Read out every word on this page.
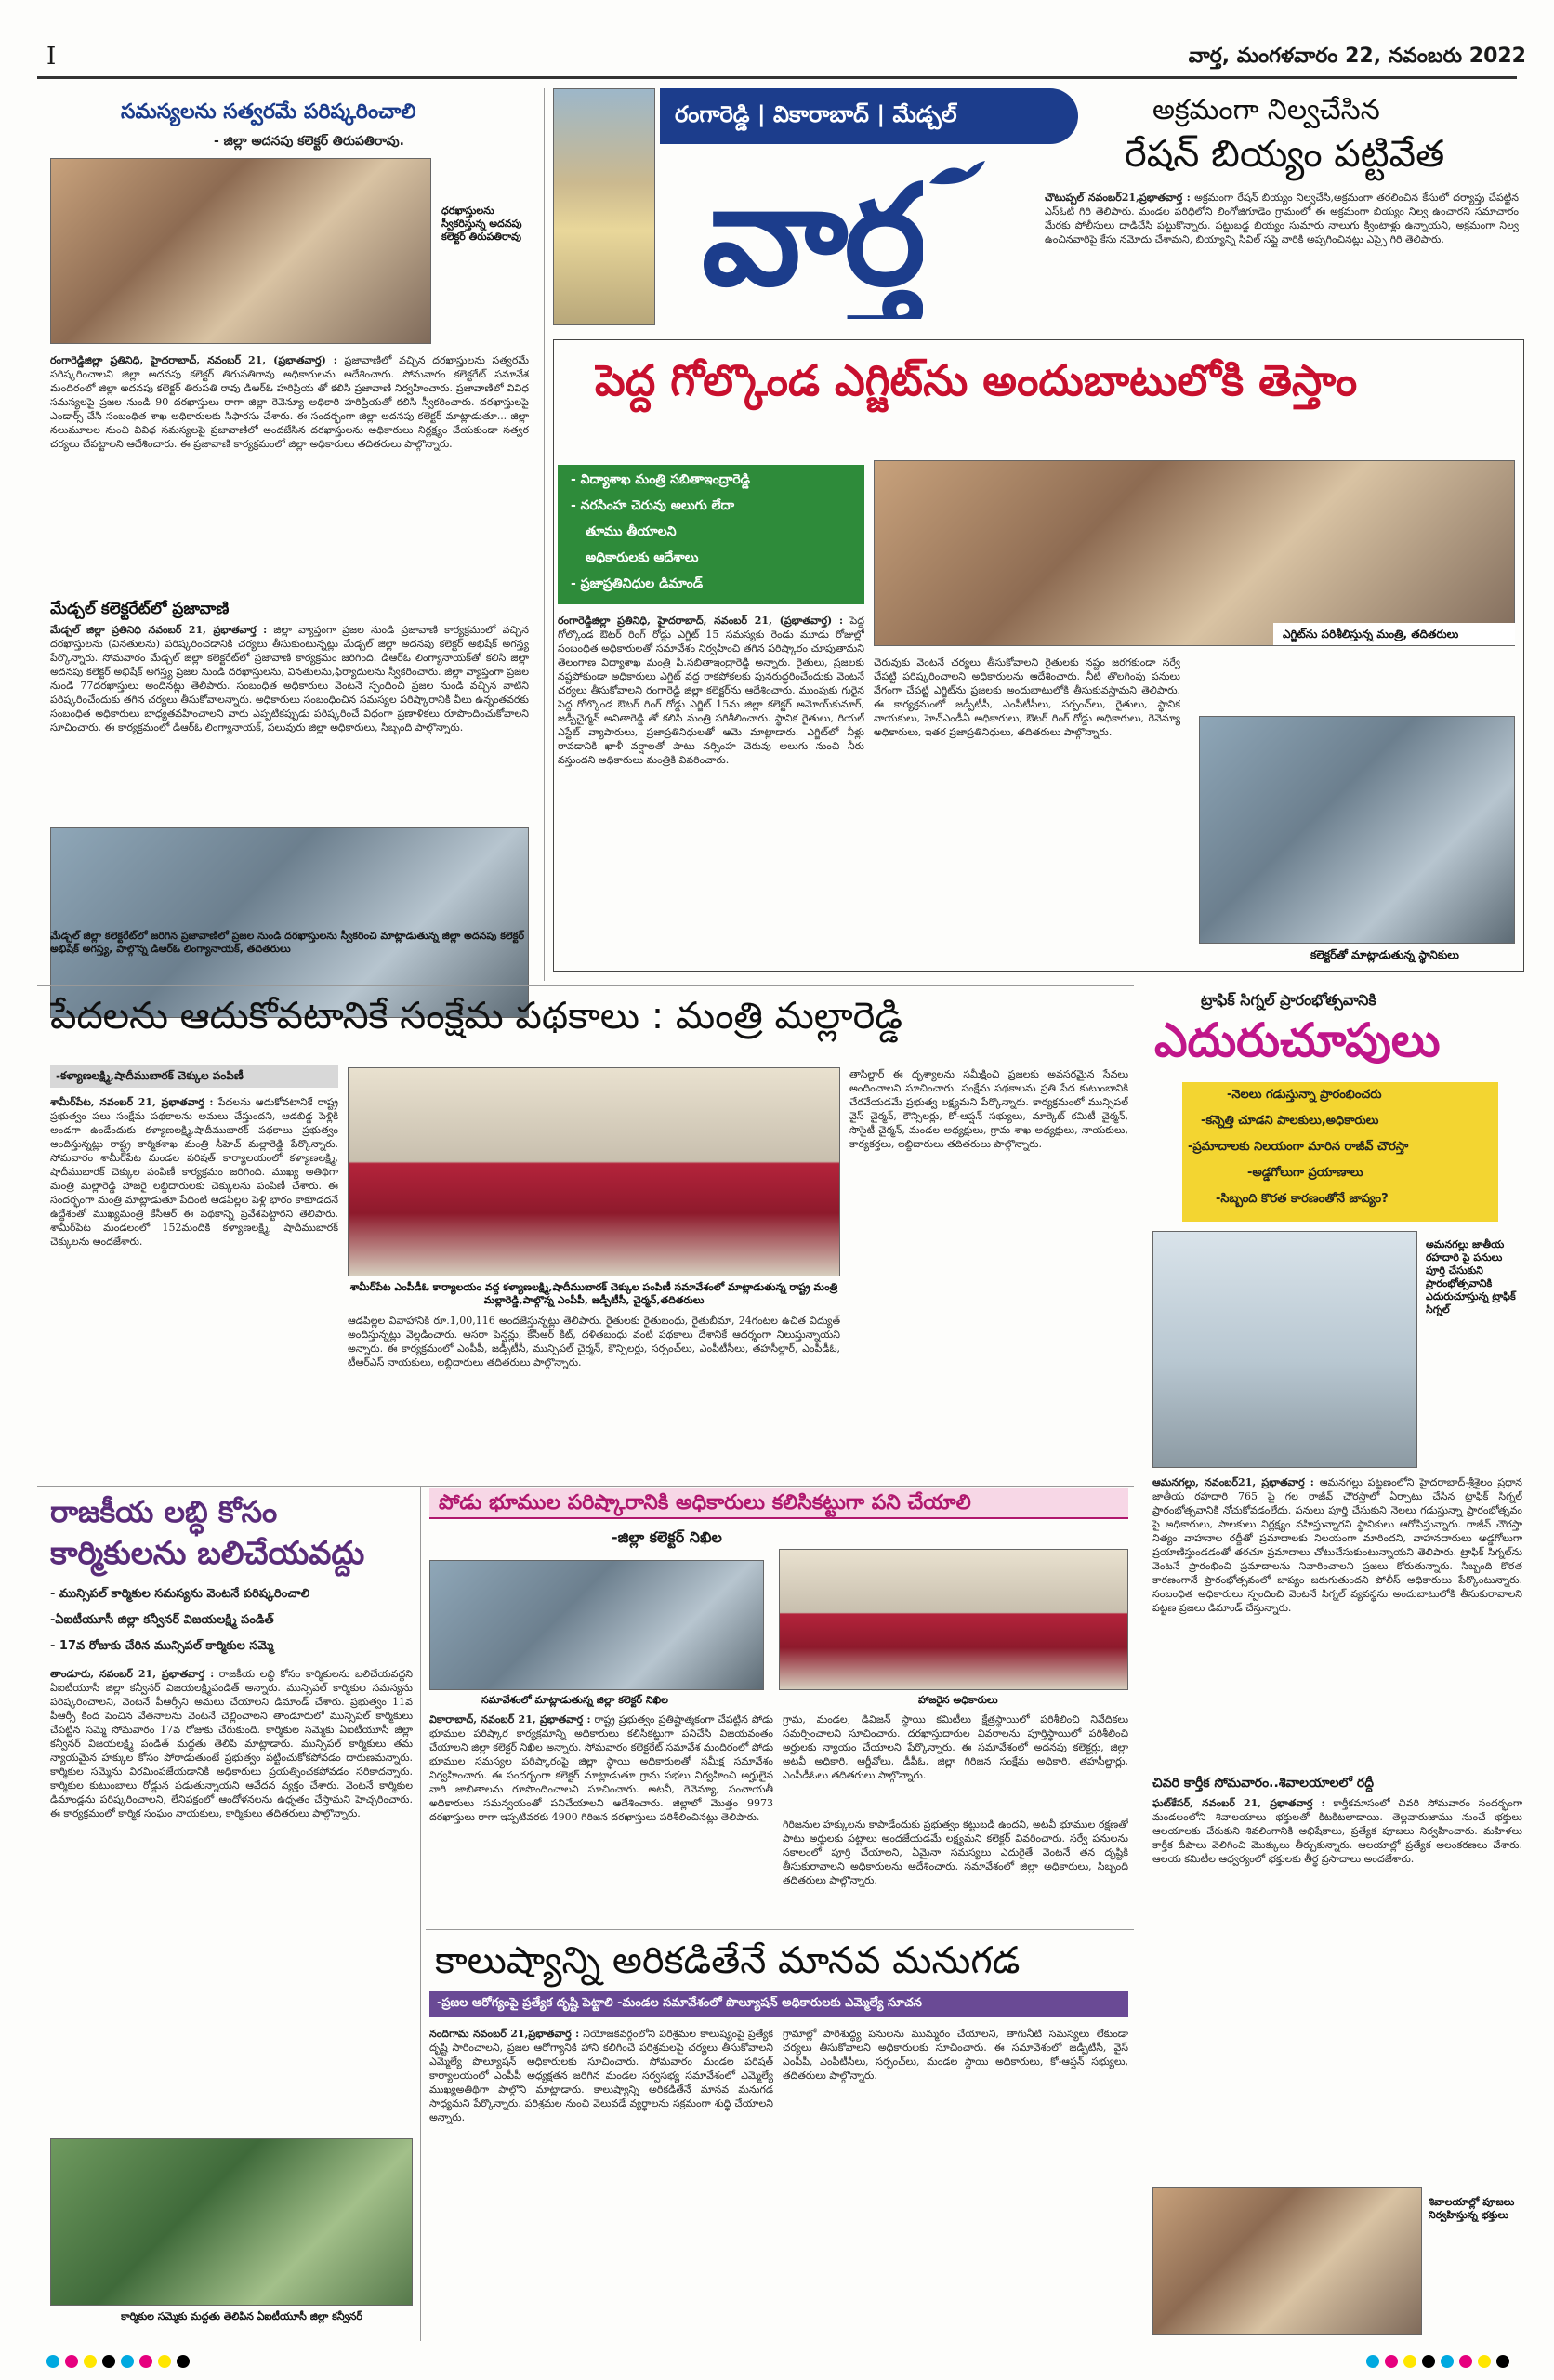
I	వార్త, మంగళవారం 22, నవంబరు 2022
సమస్యలను సత్వరమే పరిష్కరించాలి
- జిల్లా అదనపు కలెక్టర్ తిరుపతిరావు.
ధరఖాస్తులను స్వీకరిస్తున్న అదనపు కలెక్టర్ తిరుపతిరావు
రంగారెడ్డిజిల్లా ప్రతినిధి, హైదరాబాద్, నవంబర్ 21, (ప్రభాతవార్త) : ప్రజావాణిలో వచ్చిన దరఖాస్తులను సత్వరమే పరిష్కరించాలని జిల్లా అదనపు కలెక్టర్ తిరుపతిరావు అధికారులను ఆదేశించారు. సోమవారం కలెక్టరేట్ సమావేశ మందిరంలో జిల్లా అదనపు కలెక్టర్ తిరుపతి రావు డిఆర్ఓ హరిప్రియ తో కలిసి ప్రజావాణి నిర్వహించారు. ప్రజావాణిలో వివిధ సమస్యలపై ప్రజల నుండి 90 దరఖాస్తులు రాగా జిల్లా రెవెన్యూ అధికారి హరిప్రియతో కలిసి స్వీకరించారు. దరఖాస్తులపై ఎండార్స్ చేసి సంబంధిత శాఖ అధికారులకు సిఫారసు చేశారు. ఈ సందర్భంగా జిల్లా అదనపు కలెక్టర్ మాట్లాడుతూ... జిల్లా నలుమూలల నుంచి వివిధ సమస్యలపై ప్రజావాణిలో అందజేసిన దరఖాస్తులను అధికారులు నిర్లక్ష్యం చేయకుండా సత్వర చర్యలు చేపట్టాలని ఆదేశించారు. ఈ ప్రజావాణి కార్యక్రమంలో జిల్లా అధికారులు తదితరులు పాల్గొన్నారు.
మేడ్చల్ కలెక్టరేట్‌లో ప్రజావాణి
మేడ్చల్ జిల్లా ప్రతినిధి నవంబర్ 21, ప్రభాతవార్త : జిల్లా వ్యాప్తంగా ప్రజల నుండి ప్రజావాణి కార్యక్రమంలో వచ్చిన దరఖాస్తులను (వినతులను) పరిష్కరించడానికి చర్యలు తీసుకుంటున్నట్లు మేడ్చల్ జిల్లా అదనపు కలెక్టర్ అభిషేక్ అగస్త్య పేర్కొన్నారు. సోమవారం మేడ్చల్ జిల్లా కలెక్టరేట్‌లో ప్రజావాణి కార్యక్రమం జరిగింది. డిఆర్ఓ లింగ్యానాయక్‌తో కలిసి జిల్లా అదనపు కలెక్టర్ అభిషేక్ అగస్త్య ప్రజల నుండి దరఖాస్తులను, వినతులను,ఫిర్యాదులను స్వీకరించారు. జిల్లా వ్యాప్తంగా ప్రజల నుండి 77దరఖాస్తులు అందినట్లు తెలిపారు. సంబంధిత అధికారులు వెంటనే స్పందించి ప్రజల నుండి వచ్చిన వాటిని పరిష్కరించేందుకు తగిన చర్యలు తీసుకోవాలన్నారు. అధికారులు సంబంధించిన సమస్యల పరిష్కారానికి వీలు ఉన్నంతవరకు సంబంధిత అధికారులు బాధ్యతవహించాలని వారు ఎప్పటికప్పుడు పరిష్కరించే విధంగా ప్రణాళికలు రూపొందించుకోవాలని సూచించారు. ఈ కార్యక్రమంలో డిఆర్ఓ లింగ్యానాయక్, పలువురు జిల్లా అధికారులు, సిబ్బంది పాల్గొన్నారు.
మేడ్చల్ జిల్లా కలెక్టరేట్‌లో జరిగిన ప్రజావాణిలో ప్రజల నుండి దరఖాస్తులను స్వీకరించి మాట్లాడుతున్న జిల్లా అదనపు కలెక్టర్ అభిషేక్ అగస్త్య, పాల్గొన్న డిఆర్ఓ లింగ్యానాయక్, తదితరులు
రంగారెడ్డి | వికారాబాద్ | మేడ్చల్
వార్త
అక్రమంగా నిల్వచేసిన
రేషన్ బియ్యం పట్టివేత
చౌటుప్పల్ నవంబర్21,ప్రభాతవార్త : అక్రమంగా రేషన్ బియ్యం నిల్వచేసి,అక్రమంగా తరలించిన కేసులో దర్యాప్తు చేపట్టిన ఎస్ఓటి గిరి తెలిపారు. మండల పరిధిలోని లింగోజిగూడెం గ్రామంలో ఈ అక్రమంగా బియ్యం నిల్వ ఉంచారని సమాచారం మేరకు పోలీసులు దాడిచేసి పట్టుకొన్నారు. పట్టుబడ్డ బియ్యం సుమారు నాలుగు క్వింటాళ్లు ఉన్నాయని, అక్రమంగా నిల్వ ఉంచినవారిపై కేసు నమోదు చేశామని, బియ్యాన్ని సివిల్ సప్లై వారికి అప్పగించినట్లు ఎస్సై గిరి తెలిపారు.
పెద్ద గోల్కొండ ఎగ్జిట్‌ను అందుబాటులోకి తెస్తాం
- విద్యాశాఖ మంత్రి సబితాఇంద్రారెడ్డి
- నరసింహ చెరువు అలుగు లేదా
తూము తీయాలని
అధికారులకు ఆదేశాలు
- ప్రజాప్రతినిధుల డిమాండ్
రంగారెడ్డిజిల్లా ప్రతినిధి, హైదరాబాద్, నవంబర్ 21, (ప్రభాతవార్త) : పెద్ద గోల్కొండ ఔటర్ రింగ్ రోడ్డు ఎగ్జిట్ 15 సమస్యకు రెండు మూడు రోజుల్లో సంబంధిత అధికారులతో సమావేశం నిర్వహించి తగిన పరిష్కారం చూపుతామని తెలంగాణ విద్యాశాఖ మంత్రి పి.సబితాఇంద్రారెడ్డి అన్నారు. రైతులు, ప్రజలకు నష్టపోకుండా అధికారులు ఎగ్జిట్ వద్ద రాకపోకలకు పునరుద్ధరించేందుకు వెంటనే చర్యలు తీసుకోవాలని రంగారెడ్డి జిల్లా కలెక్టర్‌ను ఆదేశించారు. ముంపుకు గురైన పెద్ద గోల్కొండ ఔటర్ రింగ్ రోడ్డు ఎగ్జిట్ 15ను జిల్లా కలెక్టర్ అమోయ్‌కుమార్, జడ్పీచైర్మన్ అనితారెడ్డి తో కలిసి మంత్రి పరిశీలించారు. స్థానిక రైతులు, రియల్ ఎస్టేట్ వ్యాపారులు, ప్రజాప్రతినిధులతో ఆమె మాట్లాడారు. ఎగ్జిట్‌లో నీళ్లు రావడానికి ఖాళీ వర్షాలతో పాటు నర్సింహ చెరువు అలుగు నుంచి నీరు వస్తుందని అధికారులు మంత్రికి వివరించారు.
ఎగ్జిట్‌ను పరిశీలిస్తున్న మంత్రి, తదితరులు
చెరువుకు వెంటనే చర్యలు తీసుకోవాలని రైతులకు నష్టం జరగకుండా సర్వే చేపట్టి పరిష్కరించాలని అధికారులను ఆదేశించారు. నీటి తొలగింపు పనులు వేగంగా చేపట్టి ఎగ్జిట్‌ను ప్రజలకు అందుబాటులోకి తీసుకువస్తామని తెలిపారు. ఈ కార్యక్రమంలో జడ్పీటీసీ, ఎంపీటీసీలు, సర్పంచ్‌లు, రైతులు, స్థానిక నాయకులు, హెచ్ఎండీఏ అధికారులు, ఔటర్ రింగ్ రోడ్డు అధికారులు, రెవెన్యూ అధికారులు, ఇతర ప్రజాప్రతినిధులు, తదితరులు పాల్గొన్నారు.
కలెక్టర్‌తో మాట్లాడుతున్న స్థానికులు
పేదలను ఆదుకోవటానికే సంక్షేమ పథకాలు : మంత్రి మల్లారెడ్డి
-కళ్యాణలక్ష్మి,షాదీముబారక్ చెక్కుల పంపిణీ
శామీర్‌పేట, నవంబర్ 21, ప్రభాతవార్త : పేదలను ఆదుకోవటానికే రాష్ట్ర ప్రభుత్వం పలు సంక్షేమ పథకాలను అమలు చేస్తుందని, ఆడబిడ్డ పెళ్లికి అండగా ఉండేందుకు కళ్యాణలక్ష్మి,షాదీముబారక్ పథకాలు ప్రభుత్వం అందిస్తున్నట్లు రాష్ట్ర కార్మికశాఖ మంత్రి సీహెచ్ మల్లారెడ్డి పేర్కొన్నారు. సోమవారం శామీర్‌పేట మండల పరిషత్ కార్యాలయంలో కళ్యాణలక్ష్మి, షాదీముబారక్ చెక్కుల పంపిణీ కార్యక్రమం జరిగింది. ముఖ్య అతిథిగా మంత్రి మల్లారెడ్డి హాజరై లబ్దిదారులకు చెక్కులను పంపిణీ చేశారు. ఈ సందర్భంగా మంత్రి మాట్లాడుతూ పేదింటి ఆడపిల్లల పెళ్లి భారం కాకూడదనే ఉద్దేశంతో ముఖ్యమంత్రి కేసీఆర్ ఈ పథకాన్ని ప్రవేశపెట్టారని తెలిపారు. శామీర్‌పేట మండలంలో 152మందికి కళ్యాణలక్ష్మి, షాదీముబారక్ చెక్కులను అందజేశారు.
శామీర్‌పేట ఎంపీడీఓ కార్యాలయం వద్ద కళ్యాణలక్ష్మి,షాదీముబారక్ చెక్కుల పంపిణీ సమావేశంలో మాట్లాడుతున్న రాష్ట్ర మంత్రి మల్లారెడ్డి,పాల్గొన్న ఎంపీపీ, జడ్పీటీసీ, చైర్మన్,తదితరులు
ఆడపిల్లల వివాహానికి రూ.1,00,116 అందజేస్తున్నట్లు తెలిపారు. రైతులకు రైతుబంధు, రైతుబీమా, 24గంటల ఉచిత విద్యుత్ అందిస్తున్నట్లు వెల్లడించారు. ఆసరా పెన్షన్లు, కేసీఆర్ కిట్, దళితబంధు వంటి పథకాలు దేశానికే ఆదర్శంగా నిలుస్తున్నాయని అన్నారు. ఈ కార్యక్రమంలో ఎంపీపీ, జడ్పీటీసీ, మున్సిపల్ చైర్మన్, కౌన్సిలర్లు, సర్పంచ్‌లు, ఎంపీటీసీలు, తహసీల్దార్, ఎంపీడీఓ, టీఆర్ఎస్ నాయకులు, లబ్దిదారులు తదితరులు పాల్గొన్నారు.
తాసిల్దార్ ఈ దృశ్యాలను సమీక్షించి ప్రజలకు అవసరమైన సేవలు అందించాలని సూచించారు. సంక్షేమ పథకాలను ప్రతి పేద కుటుంబానికి చేరవేయడమే ప్రభుత్వ లక్ష్యమని పేర్కొన్నారు. కార్యక్రమంలో మున్సిపల్ వైస్ చైర్మన్, కౌన్సిలర్లు, కో-ఆప్షన్ సభ్యులు, మార్కెట్ కమిటీ చైర్మన్, సొసైటీ చైర్మన్, మండల అధ్యక్షులు, గ్రామ శాఖ అధ్యక్షులు, నాయకులు, కార్యకర్తలు, లబ్దిదారులు తదితరులు పాల్గొన్నారు.
ట్రాఫిక్ సిగ్నల్ ప్రారంభోత్సవానికి
ఎదురుచూపులు
-నెలలు గడుస్తున్నా ప్రారంభించరు
-కన్నెత్తి చూడని పాలకులు,అధికారులు
-ప్రమాదాలకు నిలయంగా మారిన రాజీవ్ చౌరస్తా
-అడ్డగోలుగా ప్రయాణాలు
-సిబ్బంది కొరత కారణంతోనే జాప్యం?
అమనగల్లు జాతీయ రహదారి పై పనులు పూర్తి చేసుకుని ప్రారంభోత్సవానికి ఎదురుచూస్తున్న ట్రాఫిక్ సిగ్నల్
ఆమనగల్లు, నవంబర్21, ప్రభాతవార్త : ఆమనగల్లు పట్టణంలోని హైదరాబాద్-శ్రీశైలం ప్రధాన జాతీయ రహదారి 765 పై గల రాజీవ్ చౌరస్తాలో ఏర్పాటు చేసిన ట్రాఫిక్ సిగ్నల్ ప్రారంభోత్సవానికి నోచుకోవడంలేదు. పనులు పూర్తి చేసుకుని నెలలు గడుస్తున్నా ప్రారంభోత్సవం పై అధికారులు, పాలకులు నిర్లక్ష్యం వహిస్తున్నారని స్థానికులు ఆరోపిస్తున్నారు. రాజీవ్ చౌరస్తా నిత్యం వాహనాల రద్దీతో ప్రమాదాలకు నిలయంగా మారిందని, వాహనదారులు అడ్డగోలుగా ప్రయాణిస్తుండడంతో తరచూ ప్రమాదాలు చోటుచేసుకుంటున్నాయని తెలిపారు. ట్రాఫిక్ సిగ్నల్‌ను వెంటనే ప్రారంభించి ప్రమాదాలను నివారించాలని ప్రజలు కోరుతున్నారు. సిబ్బంది కొరత కారణంగానే ప్రారంభోత్సవంలో జాప్యం జరుగుతుందని పోలీస్ అధికారులు పేర్కొంటున్నారు. సంబంధిత అధికారులు స్పందించి వెంటనే సిగ్నల్ వ్యవస్థను అందుబాటులోకి తీసుకురావాలని పట్టణ ప్రజలు డిమాండ్ చేస్తున్నారు.
చివరి కార్తీక సోమవారం..శివాలయాలలో రద్దీ
ఘట్‌కేసర్, నవంబర్ 21, ప్రభాతవార్త : కార్తీకమాసంలో చివరి సోమవారం సందర్భంగా మండలంలోని శివాలయాలు భక్తులతో కిటకిటలాడాయి. తెల్లవారుజాము నుంచే భక్తులు ఆలయాలకు చేరుకుని శివలింగానికి అభిషేకాలు, ప్రత్యేక పూజలు నిర్వహించారు. మహిళలు కార్తీక దీపాలు వెలిగించి మొక్కులు తీర్చుకున్నారు. ఆలయాల్లో ప్రత్యేక అలంకరణలు చేశారు. ఆలయ కమిటీల ఆధ్వర్యంలో భక్తులకు తీర్థ ప్రసాదాలు అందజేశారు.
శివాలయాల్లో పూజలు నిర్వహిస్తున్న భక్తులు
రాజకీయ లబ్ధి కోసం
కార్మికులను బలిచేయవద్దు
- మున్సిపల్ కార్మికుల సమస్యను వెంటనే పరిష్కరించాలి
-ఏఐటీయూసీ జిల్లా కన్వీనర్ విజయలక్ష్మి పండిత్
- 17వ రోజుకు చేరిన మున్సిపల్ కార్మికుల సమ్మె
తాండూరు, నవంబర్ 21, ప్రభాతవార్త : రాజకీయ లబ్ధి కోసం కార్మికులను బలిచేయవద్దని ఏఐటీయూసీ జిల్లా కన్వీనర్ విజయలక్ష్మిపండిత్ అన్నారు. మున్సిపల్ కార్మికుల సమస్యను పరిష్కరించాలని, వెంటనే పీఆర్సీని అమలు చేయాలని డిమాండ్ చేశారు. ప్రభుత్వం 11వ పీఆర్సీ కింద పెంచిన వేతనాలను వెంటనే చెల్లించాలని తాండూరులో మున్సిపల్ కార్మికులు చేపట్టిన సమ్మె సోమవారం 17వ రోజుకు చేరుకుంది. కార్మికుల సమ్మెకు ఏఐటీయూసీ జిల్లా కన్వీనర్ విజయలక్ష్మి పండిత్ మద్దతు తెలిపి మాట్లాడారు. మున్సిపల్ కార్మికులు తమ న్యాయమైన హక్కుల కోసం పోరాడుతుంటే ప్రభుత్వం పట్టించుకోకపోవడం దారుణమన్నారు. కార్మికుల సమ్మెను విరమింపజేయడానికి అధికారులు ప్రయత్నించకపోవడం సరికాదన్నారు. కార్మికుల కుటుంబాలు రోడ్డున పడుతున్నాయని ఆవేదన వ్యక్తం చేశారు. వెంటనే కార్మికుల డిమాండ్లను పరిష్కరించాలని, లేనిపక్షంలో ఆందోళనలను ఉధృతం చేస్తామని హెచ్చరించారు. ఈ కార్యక్రమంలో కార్మిక సంఘం నాయకులు, కార్మికులు తదితరులు పాల్గొన్నారు.
కార్మికుల సమ్మెకు మద్దతు తెలిపిన ఏఐటీయూసీ జిల్లా కన్వీనర్
పోడు భూముల పరిష్కారానికి అధికారులు కలిసికట్టుగా పని చేయాలి
-జిల్లా కలెక్టర్ నిఖిల
సమావేశంలో మాట్లాడుతున్న జిల్లా కలెక్టర్ నిఖిల	హాజరైన అధికారులు
వికారాబాద్, నవంబర్ 21, ప్రభాతవార్త : రాష్ట్ర ప్రభుత్వం ప్రతిష్టాత్మకంగా చేపట్టిన పోడు భూముల పరిష్కార కార్యక్రమాన్ని అధికారులు కలిసికట్టుగా పనిచేసి విజయవంతం చేయాలని జిల్లా కలెక్టర్ నిఖిల అన్నారు. సోమవారం కలెక్టరేట్ సమావేశ మందిరంలో పోడు భూముల సమస్యల పరిష్కారంపై జిల్లా స్థాయి అధికారులతో సమీక్ష సమావేశం నిర్వహించారు. ఈ సందర్భంగా కలెక్టర్ మాట్లాడుతూ గ్రామ సభలు నిర్వహించి అర్హులైన వారి జాబితాలను రూపొందించాలని సూచించారు. అటవీ, రెవెన్యూ, పంచాయతీ అధికారులు సమన్వయంతో పనిచేయాలని ఆదేశించారు. జిల్లాలో మొత్తం 9973 దరఖాస్తులు రాగా ఇప్పటివరకు 4900 గిరిజన దరఖాస్తులు పరిశీలించినట్లు తెలిపారు.
గ్రామ, మండల, డివిజన్ స్థాయి కమిటీలు క్షేత్రస్థాయిలో పరిశీలించి నివేదికలు సమర్పించాలని సూచించారు. దరఖాస్తుదారుల వివరాలను పూర్తిస్థాయిలో పరిశీలించి అర్హులకు న్యాయం చేయాలని పేర్కొన్నారు. ఈ సమావేశంలో అదనపు కలెక్టర్లు, జిల్లా అటవీ అధికారి, ఆర్డీవోలు, డీపీఓ, జిల్లా గిరిజన సంక్షేమ అధికారి, తహసీల్దార్లు, ఎంపీడీఓలు తదితరులు పాల్గొన్నారు.
గిరిజనుల హక్కులను కాపాడేందుకు ప్రభుత్వం కట్టుబడి ఉందని, అటవీ భూముల రక్షణతో పాటు అర్హులకు పట్టాలు అందజేయడమే లక్ష్యమని కలెక్టర్ వివరించారు. సర్వే పనులను సకాలంలో పూర్తి చేయాలని, ఏమైనా సమస్యలు ఎదురైతే వెంటనే తన దృష్టికి తీసుకురావాలని అధికారులను ఆదేశించారు. సమావేశంలో జిల్లా అధికారులు, సిబ్బంది తదితరులు పాల్గొన్నారు.
కాలుష్యాన్ని అరికడితేనే మానవ మనుగడ
-ప్రజల ఆరోగ్యంపై ప్రత్యేక దృష్టి పెట్టాలి -మండల సమావేశంలో పొల్యూషన్ అధికారులకు ఎమ్మెల్యే సూచన
నందిగామ నవంబర్ 21,ప్రభాతవార్త : నియోజకవర్గంలోని పరిశ్రమల కాలుష్యంపై ప్రత్యేక దృష్టి సారించాలని, ప్రజల ఆరోగ్యానికి హాని కలిగించే పరిశ్రమలపై చర్యలు తీసుకోవాలని ఎమ్మెల్యే పొల్యూషన్ అధికారులకు సూచించారు. సోమవారం మండల పరిషత్ కార్యాలయంలో ఎంపీపీ అధ్యక్షతన జరిగిన మండల సర్వసభ్య సమావేశంలో ఎమ్మెల్యే ముఖ్యఅతిథిగా పాల్గొని మాట్లాడారు. కాలుష్యాన్ని అరికడితేనే మానవ మనుగడ సాధ్యమని పేర్కొన్నారు. పరిశ్రమల నుంచి వెలువడే వ్యర్థాలను సక్రమంగా శుద్ధి చేయాలని అన్నారు.
గ్రామాల్లో పారిశుద్ధ్య పనులను ముమ్మరం చేయాలని, తాగునీటి సమస్యలు లేకుండా చర్యలు తీసుకోవాలని అధికారులకు సూచించారు. ఈ సమావేశంలో జడ్పీటీసీ, వైస్ ఎంపీపీ, ఎంపీటీసీలు, సర్పంచ్‌లు, మండల స్థాయి అధికారులు, కో-ఆప్షన్ సభ్యులు, తదితరులు పాల్గొన్నారు.
